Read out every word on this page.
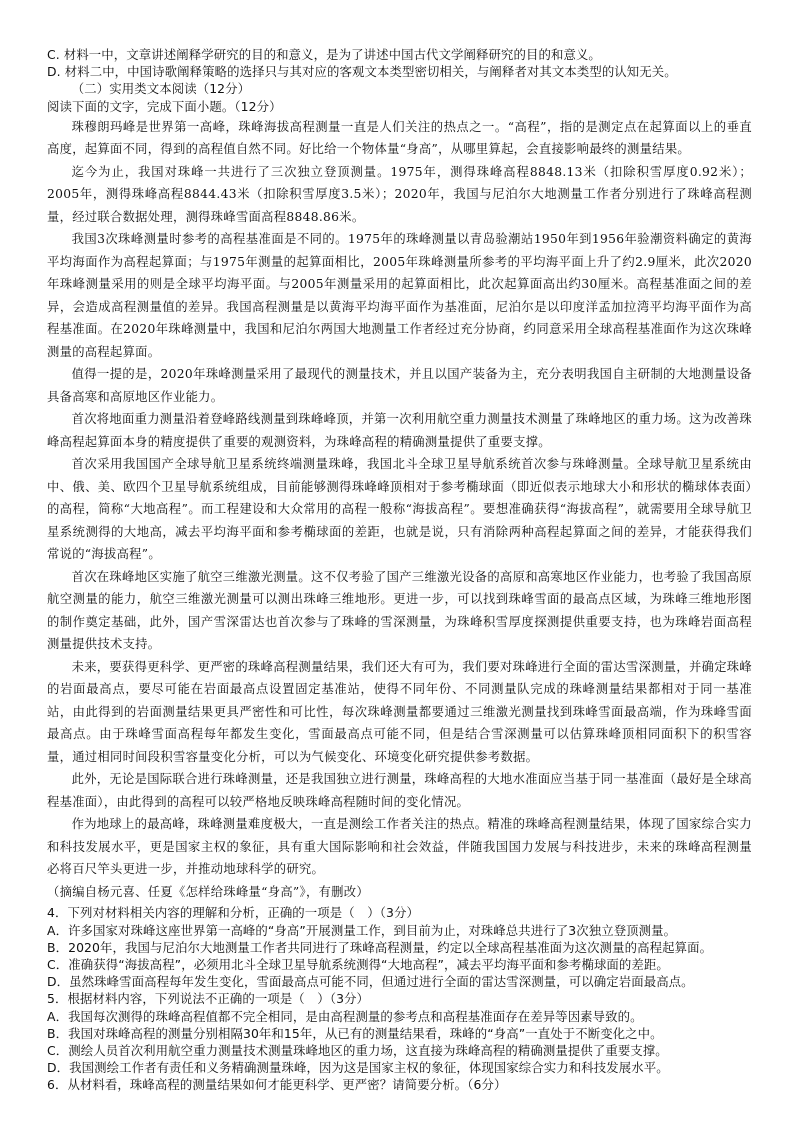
C. 材料一中，文章讲述阐释学研究的目的和意义，是为了讲述中国古代文学阐释研究的目的和意义。

D. 材料二中，中国诗歌阐释策略的选择只与其对应的客观文本类型密切相关，与阐释者对其文本类型的认知无关。

（二）实用类文本阅读（12分）

阅读下面的文字，完成下面小题。（12分）

珠穆朗玛峰是世界第一高峰，珠峰海拔高程测量一直是人们关注的热点之一。“高程”，指的是测定点在起算面以上的垂直高度，起算面不同，得到的高程值自然不同。好比给一个物体量“身高”，从哪里算起，会直接影响最终的测量结果。

迄今为止，我国对珠峰一共进行了三次独立登顶测量。1975年，测得珠峰高程8848.13米（扣除积雪厚度0.92米）；2005年，测得珠峰高程8844.43米（扣除积雪厚度3.5米）；2020年，我国与尼泊尔大地测量工作者分别进行了珠峰高程测量，经过联合数据处理，测得珠峰雪面高程8848.86米。

我国3次珠峰测量时参考的高程基准面是不同的。1975年的珠峰测量以青岛验潮站1950年到1956年验潮资料确定的黄海平均海面作为高程起算面；与1975年测量的起算面相比，2005年珠峰测量所参考的平均海平面上升了约2.9厘米，此次2020年珠峰测量采用的则是全球平均海平面。与2005年测量采用的起算面相比，此次起算面高出约30厘米。高程基准面之间的差异，会造成高程测量值的差异。我国高程测量是以黄海平均海平面作为基准面，尼泊尔是以印度洋孟加拉湾平均海平面作为高程基准面。在2020年珠峰测量中，我国和尼泊尔两国大地测量工作者经过充分协商，约同意采用全球高程基准面作为这次珠峰测量的高程起算面。

值得一提的是，2020年珠峰测量采用了最现代的测量技术，并且以国产装备为主，充分表明我国自主研制的大地测量设备具备高寒和高原地区作业能力。

首次将地面重力测量沿着登峰路线测量到珠峰峰顶，并第一次利用航空重力测量技术测量了珠峰地区的重力场。这为改善珠峰高程起算面本身的精度提供了重要的观测资料，为珠峰高程的精确测量提供了重要支撑。

首次采用我国国产全球导航卫星系统终端测量珠峰，我国北斗全球卫星导航系统首次参与珠峰测量。全球导航卫星系统由中、俄、美、欧四个卫星导航系统组成，目前能够测得珠峰峰顶相对于参考椭球面（即近似表示地球大小和形状的椭球体表面）的高程，简称“大地高程”。而工程建设和大众常用的高程一般称“海拔高程”。要想准确获得“海拔高程”，就需要用全球导航卫星系统测得的大地高，减去平均海平面和参考椭球面的差距，也就是说，只有消除两种高程起算面之间的差异，才能获得我们常说的“海拔高程”。

首次在珠峰地区实施了航空三维激光测量。这不仅考验了国产三维激光设备的高原和高寒地区作业能力，也考验了我国高原航空测量的能力，航空三维激光测量可以测出珠峰三维地形。更进一步，可以找到珠峰雪面的最高点区域，为珠峰三维地形图的制作奠定基础，此外，国产雪深雷达也首次参与了珠峰的雪深测量，为珠峰积雪厚度探测提供重要支持，也为珠峰岩面高程测量提供技术支持。

未来，要获得更科学、更严密的珠峰高程测量结果，我们还大有可为，我们要对珠峰进行全面的雷达雪深测量，并确定珠峰的岩面最高点，要尽可能在岩面最高点设置固定基准站，使得不同年份、不同测量队完成的珠峰测量结果都相对于同一基准站，由此得到的岩面测量结果更具严密性和可比性，每次珠峰测量都要通过三维激光测量找到珠峰雪面最高端，作为珠峰雪面最高点。由于珠峰雪面高程每年都发生变化，雪面最高点可能不同，但是结合雪深测量可以估算珠峰顶相同面积下的积雪容量，通过相同时间段积雪容量变化分析，可以为气候变化、环境变化研究提供参考数据。

此外，无论是国际联合进行珠峰测量，还是我国独立进行测量，珠峰高程的大地水准面应当基于同一基准面（最好是全球高程基准面），由此得到的高程可以较严格地反映珠峰高程随时间的变化情况。

作为地球上的最高峰，珠峰测量难度极大，一直是测绘工作者关注的热点。精准的珠峰高程测量结果，体现了国家综合实力和科技发展水平，更是国家主权的象征，具有重大国际影响和社会效益，伴随我国国力发展与科技进步，未来的珠峰高程测量必将百尺竿头更进一步，并推动地球科学的研究。

（摘编自杨元喜、任夏《怎样给珠峰量“身高”》，有删改）

4．下列对材料相关内容的理解和分析，正确的一项是（　）（3分）

A．许多国家对珠峰这座世界第一高峰的“身高”开展测量工作，到目前为止，对珠峰总共进行了3次独立登顶测量。

B．2020年，我国与尼泊尔大地测量工作者共同进行了珠峰高程测量，约定以全球高程基准面为这次测量的高程起算面。

C．准确获得“海拔高程”，必须用北斗全球卫星导航系统测得“大地高程”，减去平均海平面和参考椭球面的差距。

D．虽然珠峰雪面高程每年发生变化，雪面最高点可能不同，但通过进行全面的雷达雪深测量，可以确定岩面最高点。

5．根据材料内容，下列说法不正确的一项是（　）（3分）

A．我国每次测得的珠峰高程值都不完全相同，是由高程测量的参考点和高程基准面存在差异等因素导致的。

B．我国对珠峰高程的测量分别相隔30年和15年，从已有的测量结果看，珠峰的“身高”一直处于不断变化之中。

C．测绘人员首次利用航空重力测量技术测量珠峰地区的重力场，这直接为珠峰高程的精确测量提供了重要支撑。

D．我国测绘工作者有责任和义务精确测量珠峰，因为这是国家主权的象征，体现国家综合实力和科技发展水平。

6．从材料看，珠峰高程的测量结果如何才能更科学、更严密？请简要分析。（6分）
